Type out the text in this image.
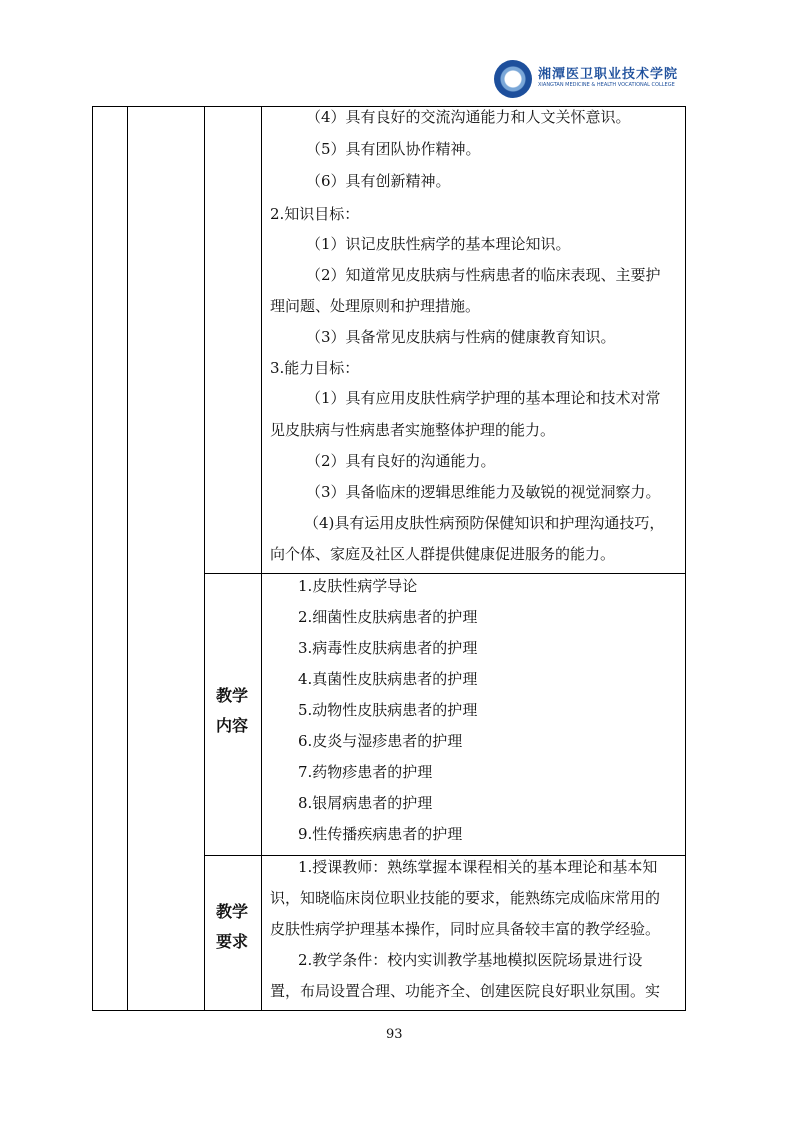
湘潭医卫职业技术学院
XIANGTAN MEDICINE & HEALTH VOCATIONAL COLLEGE
（4）具有良好的交流沟通能力和人文关怀意识。
（5）具有团队协作精神。
（6）具有创新精神。
2.知识目标：
（1）识记皮肤性病学的基本理论知识。
（2）知道常见皮肤病与性病患者的临床表现、主要护
理问题、处理原则和护理措施。
（3）具备常见皮肤病与性病的健康教育知识。
3.能力目标：
（1）具有应用皮肤性病学护理的基本理论和技术对常
见皮肤病与性病患者实施整体护理的能力。
（2）具有良好的沟通能力。
（3）具备临床的逻辑思维能力及敏锐的视觉洞察力。
（4)具有运用皮肤性病预防保健知识和护理沟通技巧，
向个体、家庭及社区人群提供健康促进服务的能力。
教学
内容
1.皮肤性病学导论
2.细菌性皮肤病患者的护理
3.病毒性皮肤病患者的护理
4.真菌性皮肤病患者的护理
5.动物性皮肤病患者的护理
6.皮炎与湿疹患者的护理
7.药物疹患者的护理
8.银屑病患者的护理
9.性传播疾病患者的护理
教学
要求
1.授课教师：熟练掌握本课程相关的基本理论和基本知
识，知晓临床岗位职业技能的要求，能熟练完成临床常用的
皮肤性病学护理基本操作，同时应具备较丰富的教学经验。
2.教学条件：校内实训教学基地模拟医院场景进行设
置，布局设置合理、功能齐全、创建医院良好职业氛围。实
93
